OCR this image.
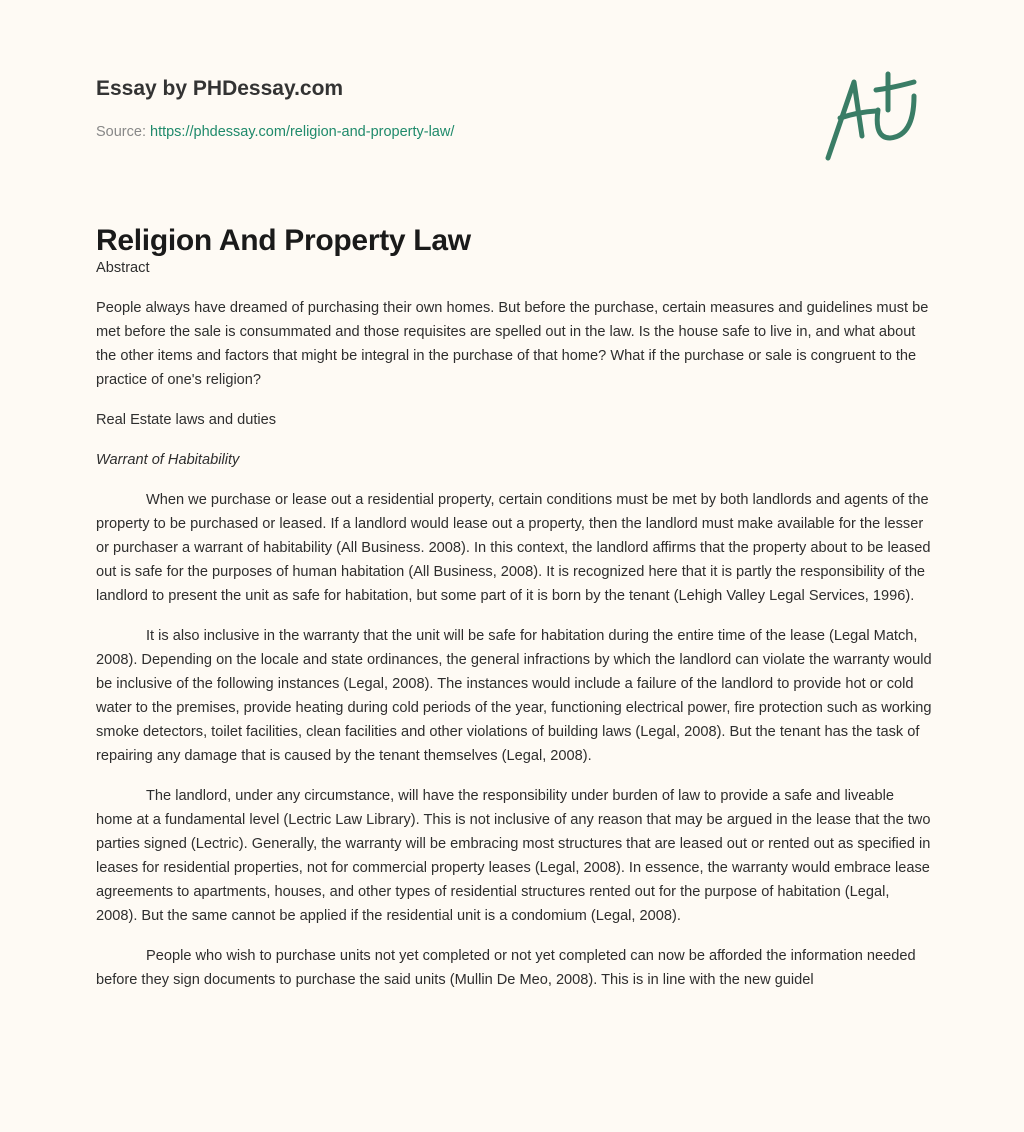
Essay by PHDessay.com
Source: https://phdessay.com/religion-and-property-law/
Religion And Property Law

Abstract

People always have dreamed of purchasing their own homes. But before the purchase, certain measures and guidelines must be met before the sale is consummated and those requisites are spelled out in the law. Is the house safe to live in, and what about the other items and factors that might be integral in the purchase of that home? What if the purchase or sale is congruent to the practice of one's religion?

Real Estate laws and duties

Warrant of Habitability

When we purchase or lease out a residential property, certain conditions must be met by both landlords and agents of the property to be purchased or leased. If a landlord would lease out a property, then the landlord must make available for the lesser or purchaser a warrant of habitability (All Business. 2008). In this context, the landlord affirms that the property about to be leased out is safe for the purposes of human habitation (All Business, 2008). It is recognized here that it is partly the responsibility of the landlord to present the unit as safe for habitation, but some part of it is born by the tenant (Lehigh Valley Legal Services, 1996).

It is also inclusive in the warranty that the unit will be safe for habitation during the entire time of the lease (Legal Match, 2008). Depending on the locale and state ordinances, the general infractions by which the landlord can violate the warranty would be inclusive of the following instances (Legal, 2008). The instances would include a failure of the landlord to provide hot or cold water to the premises, provide heating during cold periods of the year, functioning electrical power, fire protection such as working smoke detectors, toilet facilities, clean facilities and other violations of building laws (Legal, 2008). But the tenant has the task of repairing any damage that is caused by the tenant themselves (Legal, 2008).

The landlord, under any circumstance, will have the responsibility under burden of law to provide a safe and liveable home at a fundamental level (Lectric Law Library). This is not inclusive of any reason that may be argued in the lease that the two parties signed (Lectric). Generally, the warranty will be embracing most structures that are leased out or rented out as specified in leases for residential properties, not for commercial property leases (Legal, 2008). In essence, the warranty would embrace lease agreements to apartments, houses, and other types of residential structures rented out for the purpose of habitation (Legal, 2008). But the same cannot be applied if the residential unit is a condomium (Legal, 2008).

People who wish to purchase units not yet completed or not yet completed can now be afforded the information needed before they sign documents to purchase the said units (Mullin De Meo, 2008). This is in line with the new guidel
